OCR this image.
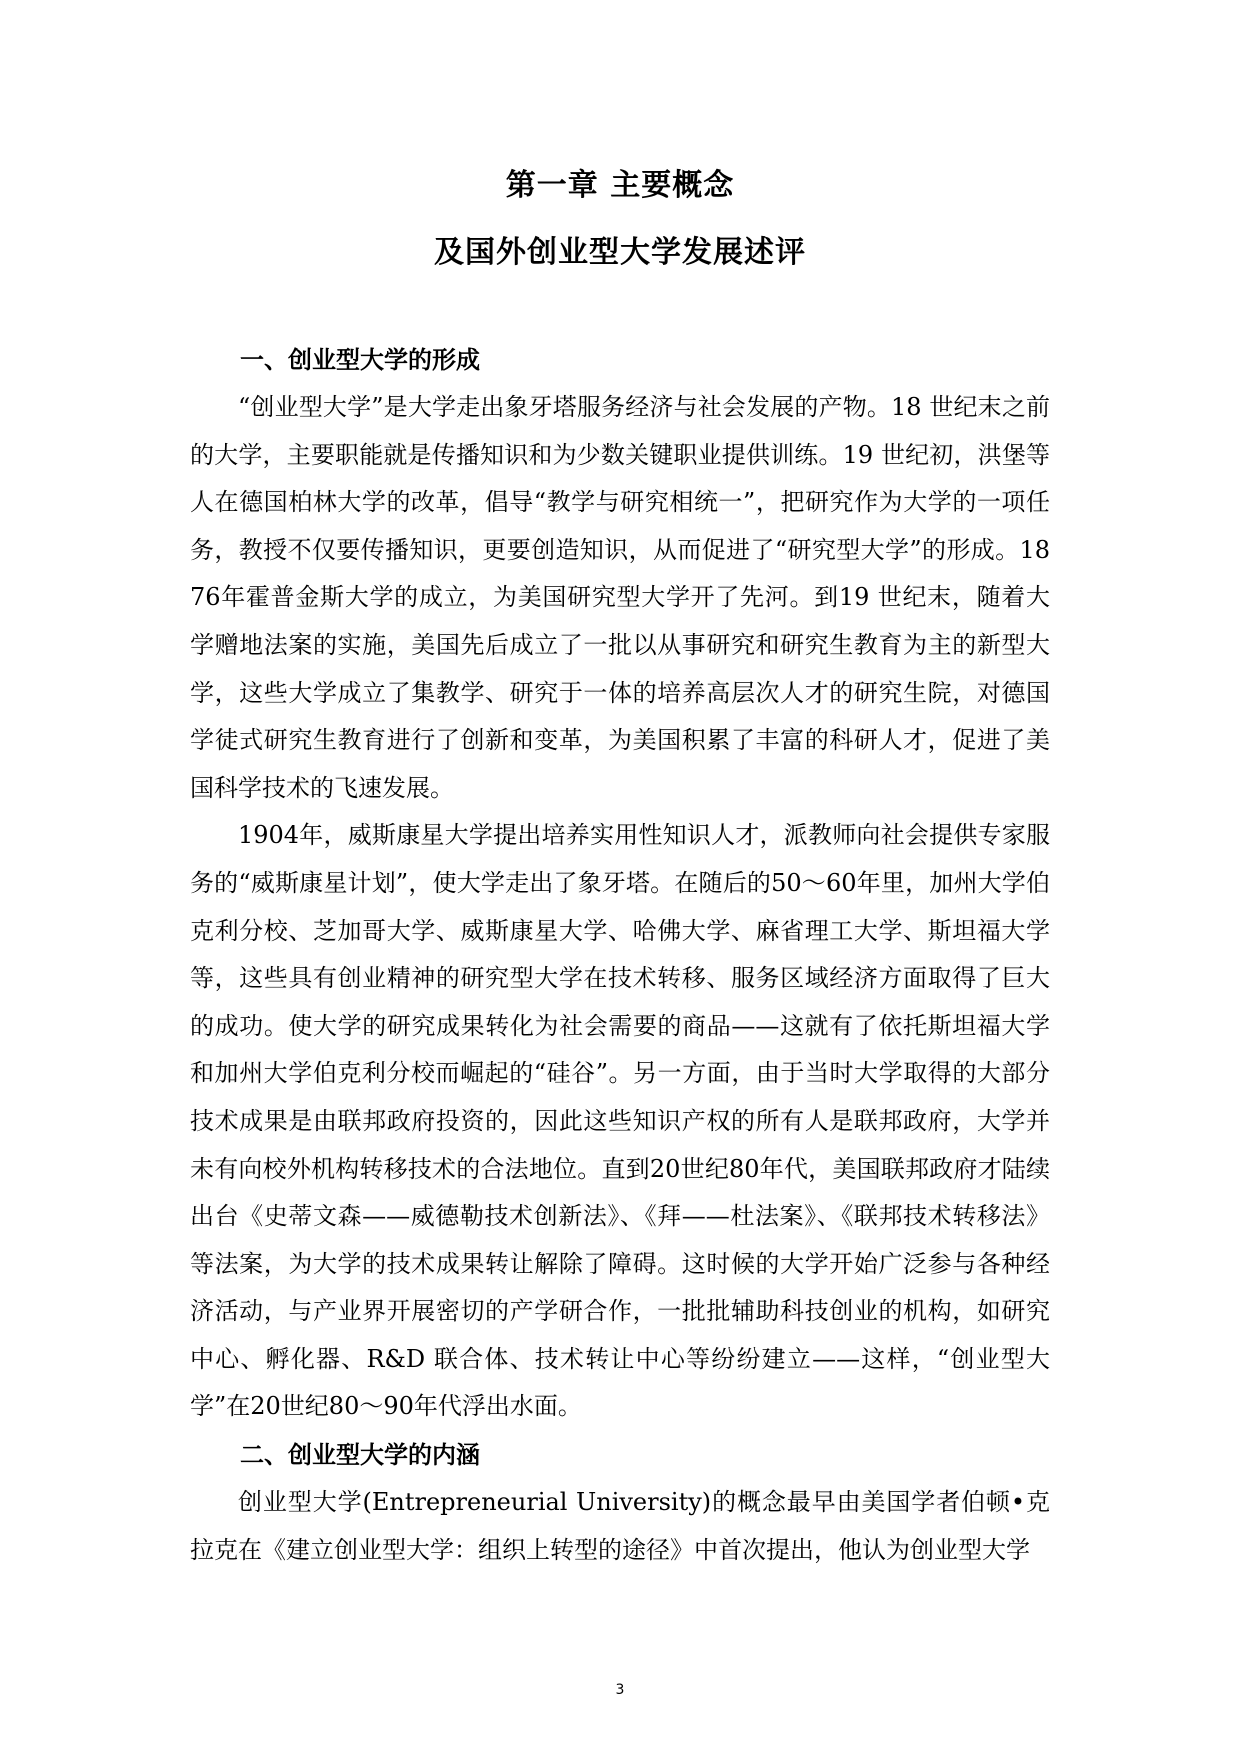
第一章 主要概念
及国外创业型大学发展述评
一、创业型大学的形成

“创业型大学”是大学走出象牙塔服务经济与社会发展的产物。18 世纪末之前的大学，主要职能就是传播知识和为少数关键职业提供训练。19 世纪初，洪堡等人在德国柏林大学的改革，倡导“教学与研究相统一”，把研究作为大学的一项任务，教授不仅要传播知识，更要创造知识，从而促进了“研究型大学”的形成。1876年霍普金斯大学的成立，为美国研究型大学开了先河。到19 世纪末，随着大学赠地法案的实施，美国先后成立了一批以从事研究和研究生教育为主的新型大学，这些大学成立了集教学、研究于一体的培养高层次人才的研究生院，对德国学徒式研究生教育进行了创新和变革，为美国积累了丰富的科研人才，促进了美国科学技术的飞速发展。

1904年，威斯康星大学提出培养实用性知识人才，派教师向社会提供专家服务的“威斯康星计划”，使大学走出了象牙塔。在随后的50～60年里，加州大学伯克利分校、芝加哥大学、威斯康星大学、哈佛大学、麻省理工大学、斯坦福大学等，这些具有创业精神的研究型大学在技术转移、服务区域经济方面取得了巨大的成功。使大学的研究成果转化为社会需要的商品——这就有了依托斯坦福大学和加州大学伯克利分校而崛起的“硅谷”。另一方面，由于当时大学取得的大部分技术成果是由联邦政府投资的，因此这些知识产权的所有人是联邦政府，大学并未有向校外机构转移技术的合法地位。直到20世纪80年代，美国联邦政府才陆续出台《史蒂文森——威德勒技术创新法》、《拜——杜法案》、《联邦技术转移法》等法案，为大学的技术成果转让解除了障碍。这时候的大学开始广泛参与各种经济活动，与产业界开展密切的产学研合作，一批批辅助科技创业的机构，如研究中心、孵化器、R&D 联合体、技术转让中心等纷纷建立——这样，“创业型大学”在20世纪80～90年代浮出水面。

二、创业型大学的内涵

创业型大学(Entrepreneurial University)的概念最早由美国学者伯顿•克拉克在《建立创业型大学：组织上转型的途径》中首次提出，他认为创业型大学

3
